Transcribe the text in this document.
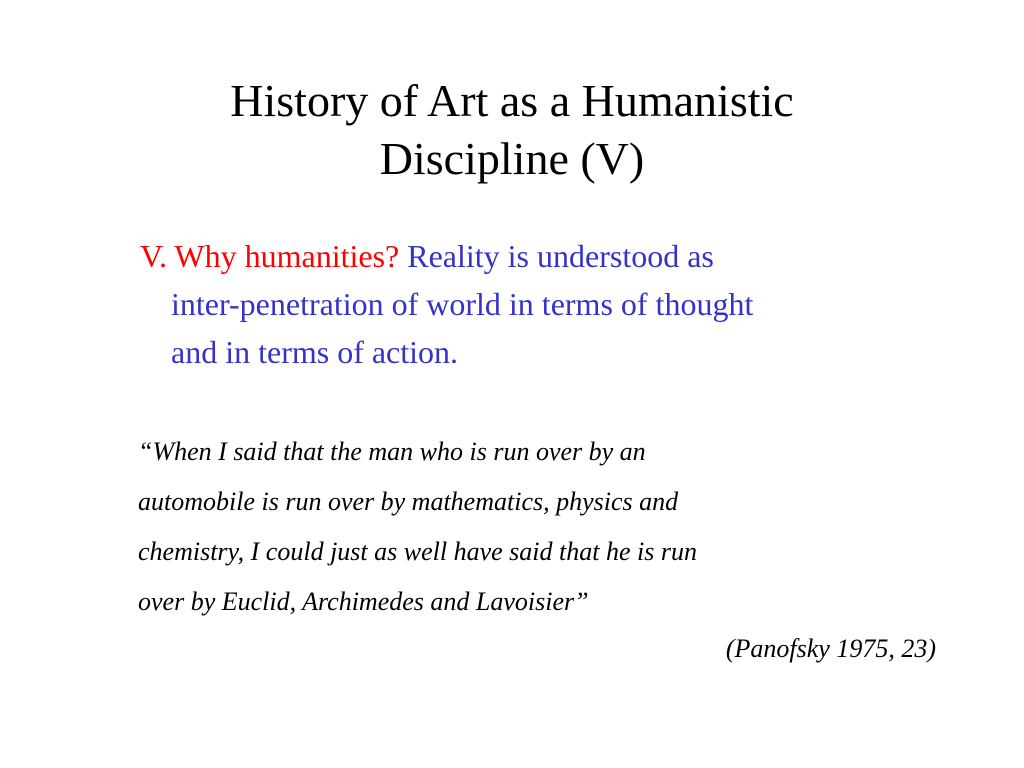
History of Art as a Humanistic
Discipline (V)

V. Why humanities? Reality is understood as
inter-penetration of world in terms of thought
and in terms of action.

“When I said that the man who is run over by an
automobile is run over by mathematics, physics and
chemistry, I could just as well have said that he is run
over by Euclid, Archimedes and Lavoisier”

(Panofsky 1975, 23)
